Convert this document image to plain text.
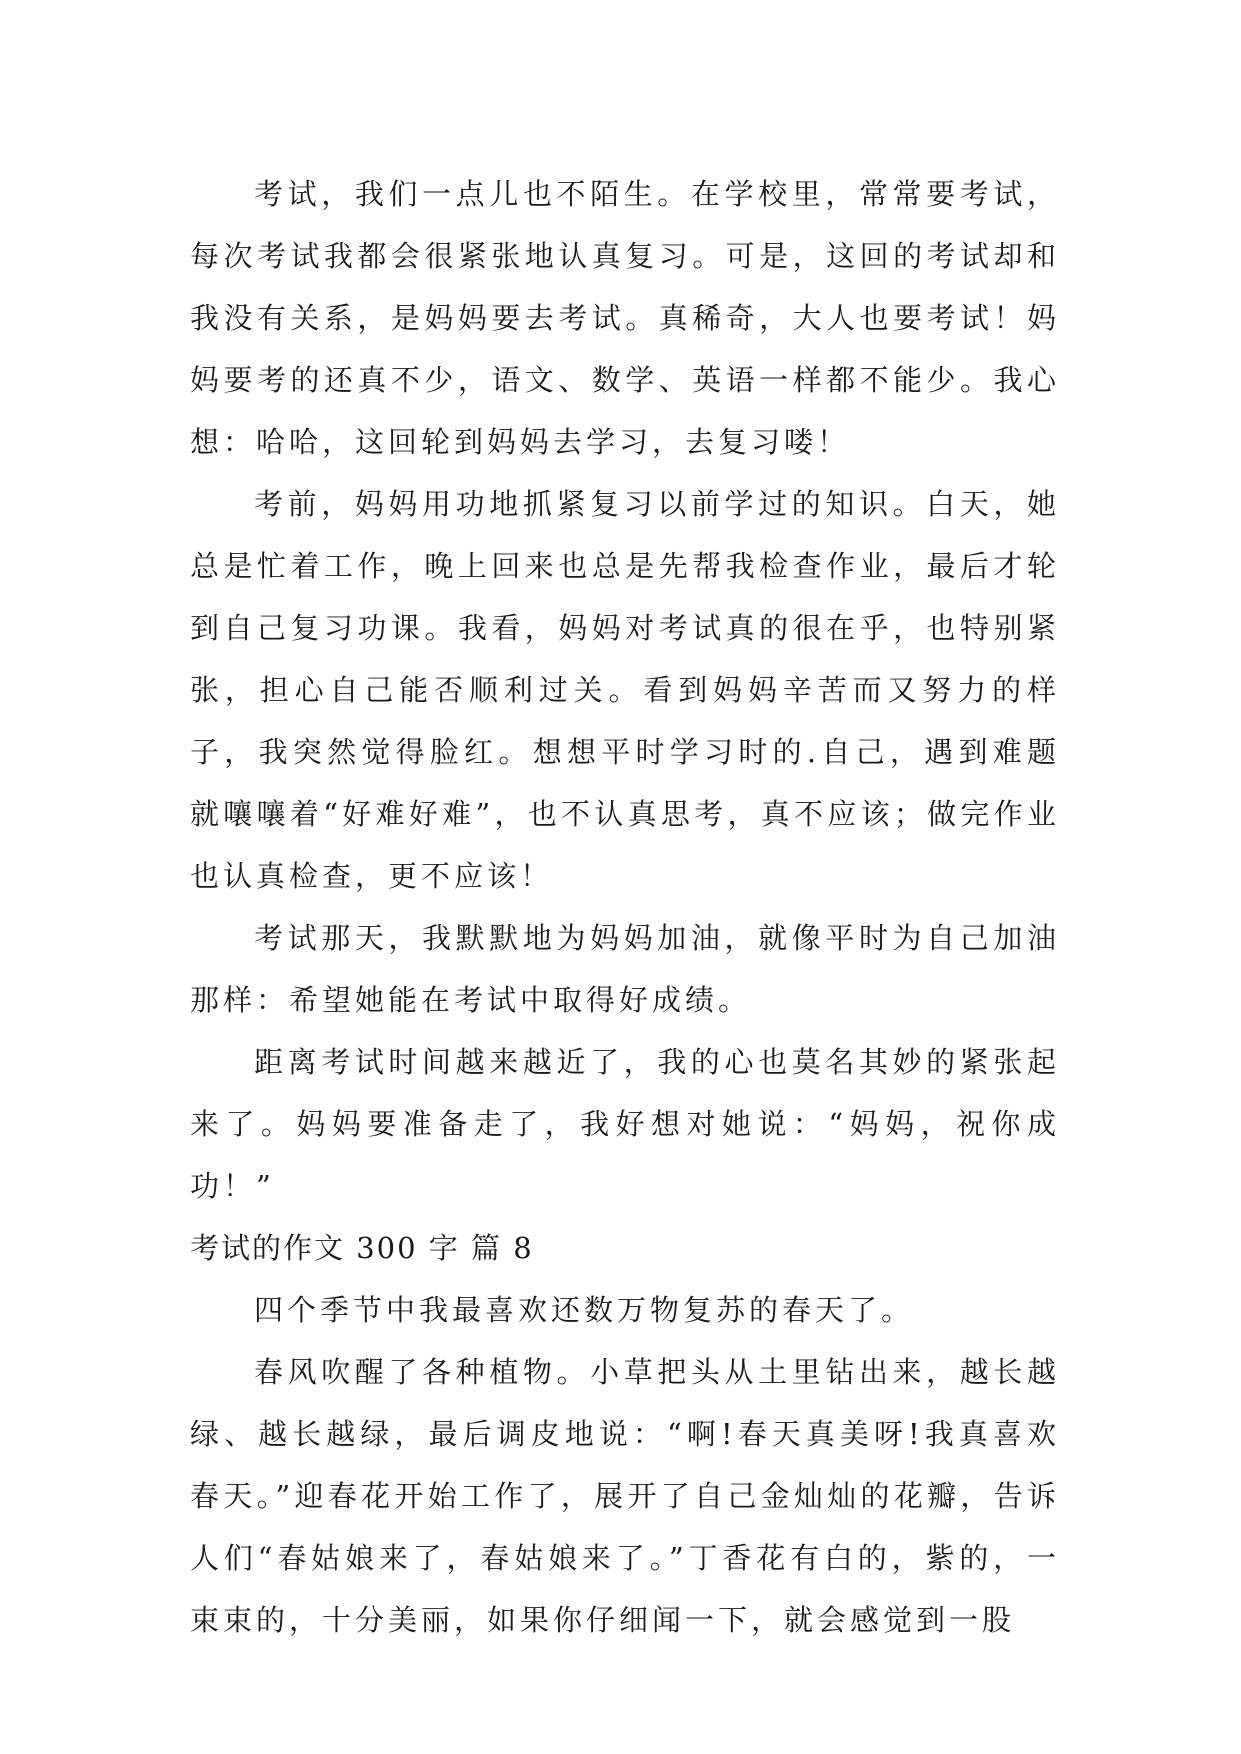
考试，我们一点儿也不陌生。在学校里，常常要考试，每次考试我都会很紧张地认真复习。可是，这回的考试却和我没有关系，是妈妈要去考试。真稀奇，大人也要考试！妈妈要考的还真不少，语文、数学、英语一样都不能少。我心想：哈哈，这回轮到妈妈去学习，去复习喽！

考前，妈妈用功地抓紧复习以前学过的知识。白天，她总是忙着工作，晚上回来也总是先帮我检查作业，最后才轮到自己复习功课。我看，妈妈对考试真的很在乎，也特别紧张，担心自己能否顺利过关。看到妈妈辛苦而又努力的样子，我突然觉得脸红。想想平时学习时的.自己，遇到难题就嚷嚷着“好难好难”，也不认真思考，真不应该；做完作业也认真检查，更不应该！

考试那天，我默默地为妈妈加油，就像平时为自己加油那样：希望她能在考试中取得好成绩。

距离考试时间越来越近了，我的心也莫名其妙的紧张起来了。妈妈要准备走了，我好想对她说：“妈妈，祝你成功！”

考试的作文 300 字 篇 8

四个季节中我最喜欢还数万物复苏的春天了。

春风吹醒了各种植物。小草把头从土里钻出来，越长越绿、越长越绿，最后调皮地说：“啊!春天真美呀!我真喜欢春天。”迎春花开始工作了，展开了自己金灿灿的花瓣，告诉人们“春姑娘来了，春姑娘来了。”丁香花有白的，紫的，一束束的，十分美丽，如果你仔细闻一下，就会感觉到一股
